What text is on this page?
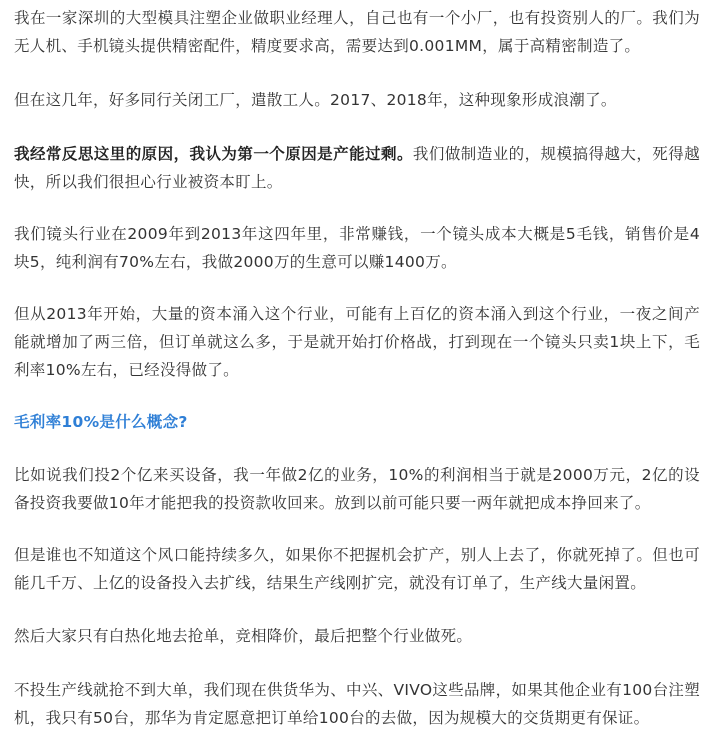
我在一家深圳的大型模具注塑企业做职业经理人，自己也有一个小厂，也有投资别人的厂。我们为无人机、手机镜头提供精密配件，精度要求高，需要达到0.001MM，属于高精密制造了。

但在这几年，好多同行关闭工厂，遣散工人。2017、2018年，这种现象形成浪潮了。

我经常反思这里的原因，我认为第一个原因是产能过剩。我们做制造业的，规模搞得越大，死得越快，所以我们很担心行业被资本盯上。

我们镜头行业在2009年到2013年这四年里，非常赚钱，一个镜头成本大概是5毛钱，销售价是4块5，纯利润有70%左右，我做2000万的生意可以赚1400万。

但从2013年开始，大量的资本涌入这个行业，可能有上百亿的资本涌入到这个行业，一夜之间产能就增加了两三倍，但订单就这么多，于是就开始打价格战，打到现在一个镜头只卖1块上下，毛利率10%左右，已经没得做了。

毛利率10%是什么概念?

比如说我们投2个亿来买设备，我一年做2亿的业务，10%的利润相当于就是2000万元，2亿的设备投资我要做10年才能把我的投资款收回来。放到以前可能只要一两年就把成本挣回来了。

但是谁也不知道这个风口能持续多久，如果你不把握机会扩产，别人上去了，你就死掉了。但也可能几千万、上亿的设备投入去扩线，结果生产线刚扩完，就没有订单了，生产线大量闲置。

然后大家只有白热化地去抢单，竞相降价，最后把整个行业做死。

不投生产线就抢不到大单，我们现在供货华为、中兴、VIVO这些品牌，如果其他企业有100台注塑机，我只有50台，那华为肯定愿意把订单给100台的去做，因为规模大的交货期更有保证。
